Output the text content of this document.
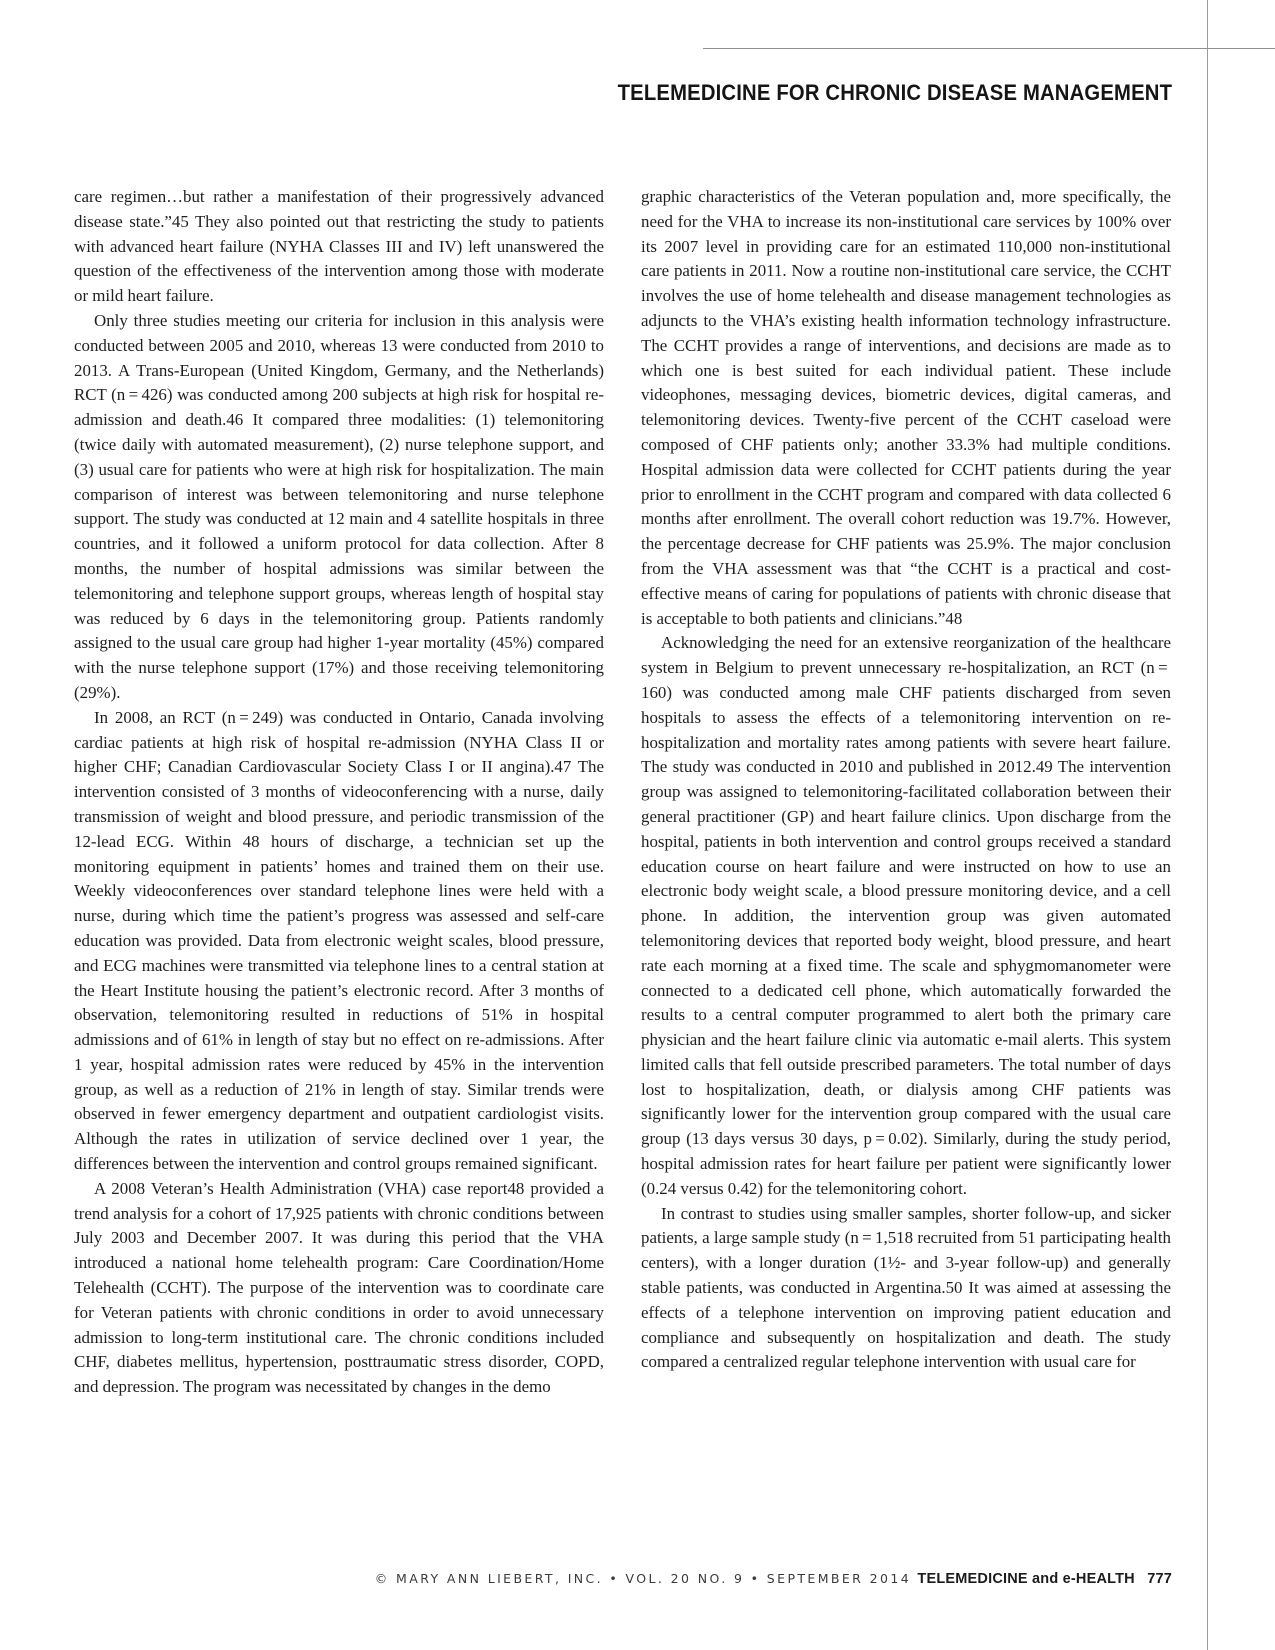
TELEMEDICINE FOR CHRONIC DISEASE MANAGEMENT

care regimen…but rather a manifestation of their progressively advanced disease state.”45 They also pointed out that restricting the study to patients with advanced heart failure (NYHA Classes III and IV) left unanswered the question of the effectiveness of the intervention among those with moderate or mild heart failure.

Only three studies meeting our criteria for inclusion in this analysis were conducted between 2005 and 2010, whereas 13 were conducted from 2010 to 2013. A Trans-European (United Kingdom, Germany, and the Netherlands) RCT (n = 426) was conducted among 200 subjects at high risk for hospital re-admission and death.46 It compared three modalities: (1) telemonitoring (twice daily with automated measurement), (2) nurse telephone support, and (3) usual care for patients who were at high risk for hospitalization. The main comparison of interest was between telemonitoring and nurse telephone support. The study was conducted at 12 main and 4 satellite hospitals in three countries, and it followed a uniform protocol for data collection. After 8 months, the number of hospital admissions was similar between the telemonitoring and telephone support groups, whereas length of hospital stay was reduced by 6 days in the telemonitoring group. Patients randomly assigned to the usual care group had higher 1-year mortality (45%) compared with the nurse telephone support (17%) and those receiving telemonitoring (29%).

In 2008, an RCT (n = 249) was conducted in Ontario, Canada involving cardiac patients at high risk of hospital re-admission (NYHA Class II or higher CHF; Canadian Cardiovascular Society Class I or II angina).47 The intervention consisted of 3 months of videoconferencing with a nurse, daily transmission of weight and blood pressure, and periodic transmission of the 12-lead ECG. Within 48 hours of discharge, a technician set up the monitoring equipment in patients’ homes and trained them on their use. Weekly videoconferences over standard telephone lines were held with a nurse, during which time the patient’s progress was assessed and self-care education was provided. Data from electronic weight scales, blood pressure, and ECG machines were transmitted via telephone lines to a central station at the Heart Institute housing the patient’s electronic record. After 3 months of observation, telemonitoring resulted in reductions of 51% in hospital admissions and of 61% in length of stay but no effect on re-admissions. After 1 year, hospital admission rates were reduced by 45% in the intervention group, as well as a reduction of 21% in length of stay. Similar trends were observed in fewer emergency department and outpatient cardiologist visits. Although the rates in utilization of service declined over 1 year, the differences between the intervention and control groups remained significant.

A 2008 Veteran’s Health Administration (VHA) case report48 provided a trend analysis for a cohort of 17,925 patients with chronic conditions between July 2003 and December 2007. It was during this period that the VHA introduced a national home telehealth program: Care Coordination/Home Telehealth (CCHT). The purpose of the intervention was to coordinate care for Veteran patients with chronic conditions in order to avoid unnecessary admission to long-term institutional care. The chronic conditions included CHF, diabetes mellitus, hypertension, posttraumatic stress disorder, COPD, and depression. The program was necessitated by changes in the demo

graphic characteristics of the Veteran population and, more specifically, the need for the VHA to increase its non-institutional care services by 100% over its 2007 level in providing care for an estimated 110,000 non-institutional care patients in 2011. Now a routine non-institutional care service, the CCHT involves the use of home telehealth and disease management technologies as adjuncts to the VHA’s existing health information technology infrastructure. The CCHT provides a range of interventions, and decisions are made as to which one is best suited for each individual patient. These include videophones, messaging devices, biometric devices, digital cameras, and telemonitoring devices. Twenty-five percent of the CCHT caseload were composed of CHF patients only; another 33.3% had multiple conditions. Hospital admission data were collected for CCHT patients during the year prior to enrollment in the CCHT program and compared with data collected 6 months after enrollment. The overall cohort reduction was 19.7%. However, the percentage decrease for CHF patients was 25.9%. The major conclusion from the VHA assessment was that “the CCHT is a practical and cost-effective means of caring for populations of patients with chronic disease that is acceptable to both patients and clinicians.”48

Acknowledging the need for an extensive reorganization of the healthcare system in Belgium to prevent unnecessary re-hospitalization, an RCT (n = 160) was conducted among male CHF patients discharged from seven hospitals to assess the effects of a telemonitoring intervention on re-hospitalization and mortality rates among patients with severe heart failure. The study was conducted in 2010 and published in 2012.49 The intervention group was assigned to telemonitoring-facilitated collaboration between their general practitioner (GP) and heart failure clinics. Upon discharge from the hospital, patients in both intervention and control groups received a standard education course on heart failure and were instructed on how to use an electronic body weight scale, a blood pressure monitoring device, and a cell phone. In addition, the intervention group was given automated telemonitoring devices that reported body weight, blood pressure, and heart rate each morning at a fixed time. The scale and sphygmomanometer were connected to a dedicated cell phone, which automatically forwarded the results to a central computer programmed to alert both the primary care physician and the heart failure clinic via automatic e-mail alerts. This system limited calls that fell outside prescribed parameters. The total number of days lost to hospitalization, death, or dialysis among CHF patients was significantly lower for the intervention group compared with the usual care group (13 days versus 30 days, p = 0.02). Similarly, during the study period, hospital admission rates for heart failure per patient were significantly lower (0.24 versus 0.42) for the telemonitoring cohort.

In contrast to studies using smaller samples, shorter follow-up, and sicker patients, a large sample study (n = 1,518 recruited from 51 participating health centers), with a longer duration (1½- and 3-year follow-up) and generally stable patients, was conducted in Argentina.50 It was aimed at assessing the effects of a telephone intervention on improving patient education and compliance and subsequently on hospitalization and death. The study compared a centralized regular telephone intervention with usual care for

© MARY ANN LIEBERT, INC. • VOL. 20 NO. 9 • SEPTEMBER 2014 TELEMEDICINE and e-HEALTH 777
